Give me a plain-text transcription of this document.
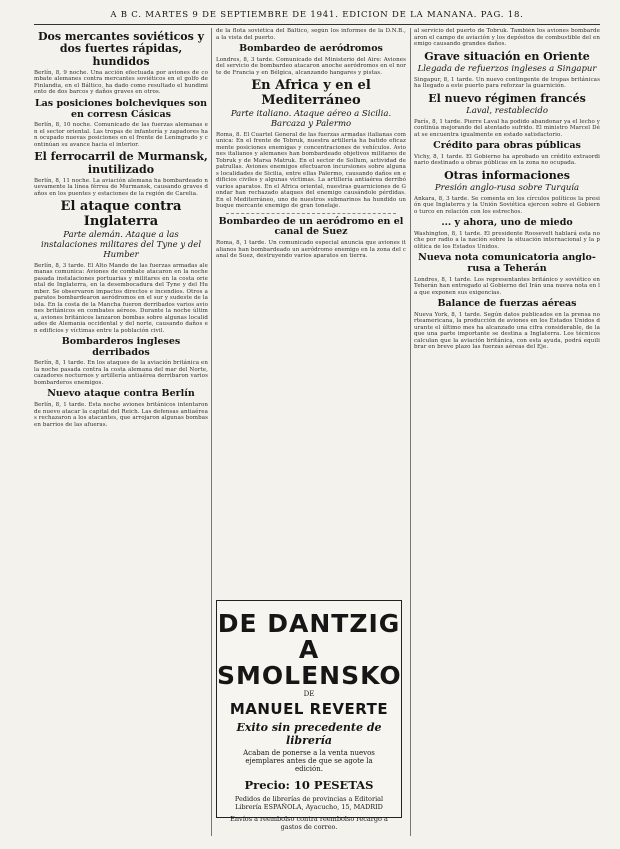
A B C. MARTES 9 DE SEPTIEMBRE DE 1941. EDICION DE LA MAÑANA. PAG. 18.
Dos mercantes soviéticos y dos fuertes rápidas, hundidos
Berlín, 8, 9 noche. Una acción efectuada por aviones de combate alemanes contra mercantes soviéticos en el golfo de Finlandia, en el Báltico, ha dado como resultado el hundimiento de dos barcos y daños graves en otros.
Las posiciones bolcheviques son en corresn Cásicas
Berlín, 8, 10 noche. Comunicado de las fuerzas alemanas en el sector oriental. Las tropas de infantería y zapadores han ocupado nuevas posiciones en el frente de Leningrado y continúan su avance hacia el interior.
El ferrocarril de Murmansk, inutilizado
Berlín, 8, 11 noche. La aviación alemana ha bombardeado nuevamente la línea férrea de Murmansk, causando graves daños en los puentes y estaciones de la región de Carelia.
El ataque contra Inglaterra
Parte alemán. Ataque a las instalaciones militares del Tyne y del Humber
Berlín, 8, 3 tarde. El Alto Mando de las fuerzas armadas alemanas comunica: Aviones de combate atacaron en la noche pasada instalaciones portuarias y militares en la costa oriental de Inglaterra, en la desembocadura del Tyne y del Humber. Se observaron impactos directos e incendios. Otros aparatos bombardearon aeródromos en el sur y sudeste de la isla. En la costa de la Mancha fueron derribados varios aviones británicos en combates aéreos. Durante la noche última, aviones británicos lanzaron bombas sobre algunas localidades de Alemania occidental y del norte, causando daños en edificios y víctimas entre la población civil.
Bombarderos ingleses derribados
Berlín, 8, 1 tarde. En los ataques de la aviación británica en la noche pasada contra la costa alemana del mar del Norte, cazadores nocturnos y artillería antiaérea derribaron varios bombarderos enemigos.
Nuevo ataque contra Berlín
Berlín, 8, 1 tarde. Esta noche aviones británicos intentaron de nuevo atacar la capital del Reich. Las defensas antiaéreas rechazaron a los atacantes, que arrojaron algunas bombas en barrios de las afueras.
de la flota soviética del Báltico, según los informes de la D.N.B., a la vista del puerto.
Bombardeo de aeródromos
Londres, 8, 3 tarde. Comunicado del Ministerio del Aire: Aviones del servicio de bombardeo atacaron anoche aeródromos en el norte de Francia y en Bélgica, alcanzando hangares y pistas.
En Africa y en el Mediterráneo
Parte italiano. Ataque aéreo a Sicilia. Barcaza y Palermo
Roma, 8. El Cuartel General de las fuerzas armadas italianas comunica: En el frente de Tobruk, nuestra artillería ha batido eficazmente posiciones enemigas y concentraciones de vehículos. Aviones italianos y alemanes han bombardeado objetivos militares de Tobruk y de Marsa Matruk. En el sector de Sollum, actividad de patrullas. Aviones enemigos efectuaron incursiones sobre algunas localidades de Sicilia, entre ellas Palermo, causando daños en edificios civiles y algunas víctimas. La artillería antiaérea derribó varios aparatos. En el Africa oriental, nuestras guarniciones de Gondar han rechazado ataques del enemigo causándole pérdidas. En el Mediterráneo, uno de nuestros submarinos ha hundido un buque mercante enemigo de gran tonelaje.
Bombardeo de un aeródromo en el canal de Suez
Roma, 8, 1 tarde. Un comunicado especial anuncia que aviones italianos han bombardeado un aeródromo enemigo en la zona del canal de Suez, destruyendo varios aparatos en tierra.
DE DANTZIG
A SMOLENSKO
DE
MANUEL REVERTE
Exito sin precedente de librería
Acaban de ponerse a la venta nuevos ejemplares antes de que se agote la edición.
Precio: 10 PESETAS
Pedidos de librerías de provincias a Editorial Librería ESPAÑOLA, Ayacucho, 15, MADRID
Envíos a reembolso contra reembolso recargo a gastos de correo.
al servicio del puerto de Tobruk. También los aviones bombardearon el campo de aviación y los depósitos de combustible del enemigo causando grandes daños.
Grave situación en Oriente
Llegada de refuerzos ingleses a Singapur
Singapur, 8, 1 tarde. Un nuevo contingente de tropas británicas ha llegado a este puerto para reforzar la guarnición.
El nuevo régimen francés
Laval, restablecido
París, 8, 1 tarde. Pierre Laval ha podido abandonar ya el lecho y continúa mejorando del atentado sufrido. El ministro Marcel Déat se encuentra igualmente en estado satisfactorio.
Crédito para obras públicas
Vichy, 8, 1 tarde. El Gobierno ha aprobado un crédito extraordinario destinado a obras públicas en la zona no ocupada.
Otras informaciones
Presión anglo-rusa sobre Turquía
Ankara, 8, 3 tarde. Se comenta en los círculos políticos la presión que Inglaterra y la Unión Soviética ejercen sobre el Gobierno turco en relación con los estrechos.
... y ahora, uno de miedo
Washington, 8, 1 tarde. El presidente Roosevelt hablará esta noche por radio a la nación sobre la situación internacional y la política de los Estados Unidos.
Nueva nota comunicatoria anglo-rusa a Teherán
Londres, 8, 1 tarde. Los representantes británico y soviético en Teherán han entregado al Gobierno del Irán una nueva nota en la que exponen sus exigencias.
Balance de fuerzas aéreas
Nueva York, 8, 1 tarde. Según datos publicados en la prensa norteamericana, la producción de aviones en los Estados Unidos durante el último mes ha alcanzado una cifra considerable, de la que una parte importante se destina a Inglaterra. Los técnicos calculan que la aviación británica, con esta ayuda, podrá equilibrar en breve plazo las fuerzas aéreas del Eje.
